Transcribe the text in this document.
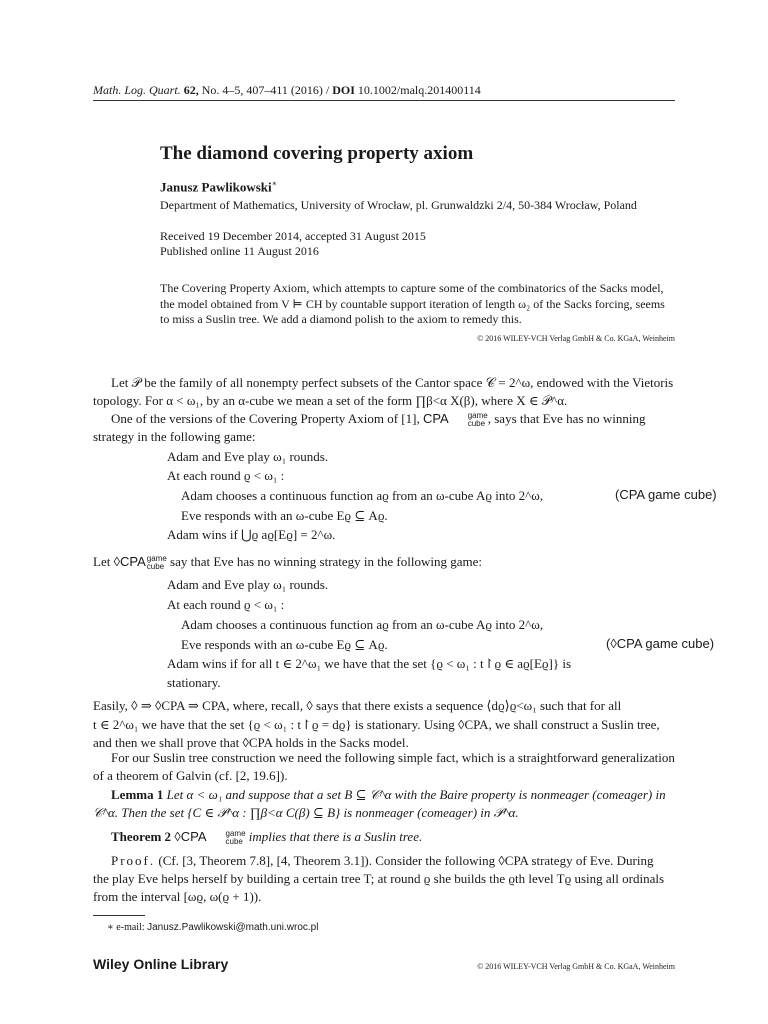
Math. Log. Quart. 62, No. 4–5, 407–411 (2016) / DOI 10.1002/malq.201400114
The diamond covering property axiom
Janusz Pawlikowski∗
Department of Mathematics, University of Wrocław, pl. Grunwaldzki 2/4, 50-384 Wrocław, Poland
Received 19 December 2014, accepted 31 August 2015
Published online 11 August 2016
The Covering Property Axiom, which attempts to capture some of the combinatorics of the Sacks model, the model obtained from V ⊨ CH by countable support iteration of length ω₂ of the Sacks forcing, seems to miss a Suslin tree. We add a diamond polish to the axiom to remedy this.
© 2016 WILEY-VCH Verlag GmbH & Co. KGaA, Weinheim
Let 𝒫 be the family of all nonempty perfect subsets of the Cantor space 𝒞 = 2^ω, endowed with the Vietoris topology. For α < ω₁, by an α-cube we mean a set of the form ∏β<α X(β), where X ∈ 𝒫^α.
One of the versions of the Covering Property Axiom of [1], CPA	game
cube , says that Eve has no winning strategy in the following game:
Adam and Eve play ω₁ rounds.
At each round ϱ < ω₁ :
Adam chooses a continuous function aϱ from an ω-cube Aϱ into 2^ω,
Eve responds with an ω-cube Eϱ ⊆ Aϱ.
Adam wins if ⋃ϱ aϱ[Eϱ] = 2^ω.
(CPA game cube)
Let ◊CPA game
cube say that Eve has no winning strategy in the following game:
Adam and Eve play ω₁ rounds.
At each round ϱ < ω₁ :
Adam chooses a continuous function aϱ from an ω-cube Aϱ into 2^ω,
Eve responds with an ω-cube Eϱ ⊆ Aϱ.
Adam wins if for all t ∈ 2^ω₁ we have that the set {ϱ < ω₁ : t↾ϱ ∈ aϱ[Eϱ]} is
stationary.
(◊CPA game cube)
Easily, ◊ ⇒ ◊CPA ⇒ CPA, where, recall, ◊ says that there exists a sequence ⟨dϱ⟩ϱ<ω₁ such that for all
t ∈ 2^ω₁ we have that the set {ϱ < ω₁ : t↾ϱ = dϱ} is stationary. Using ◊CPA, we shall construct a Suslin tree,
and then we shall prove that ◊CPA holds in the Sacks model.
For our Suslin tree construction we need the following simple fact, which is a straightforward generalization of a theorem of Galvin (cf. [2, 19.6]).
Lemma 1 Let α < ω₁ and suppose that a set B ⊆ 𝒞^α with the Baire property is nonmeager (comeager) in 𝒞^α. Then the set {C ∈ 𝒫^α : ∏β<α C(β) ⊆ B} is nonmeager (comeager) in 𝒫^α.
Theorem 2 ◊CPA	game
cube implies that there is a Suslin tree.
Proof. (Cf. [3, Theorem 7.8], [4, Theorem 3.1]). Consider the following ◊CPA strategy of Eve. During
the play Eve helps herself by building a certain tree T; at round ϱ she builds the ϱth level Tϱ using all ordinals
from the interval [ωϱ, ω(ϱ + 1)).
∗ e-mail: Janusz.Pawlikowski@math.uni.wroc.pl
Wiley Online Library	© 2016 WILEY-VCH Verlag GmbH & Co. KGaA, Weinheim
